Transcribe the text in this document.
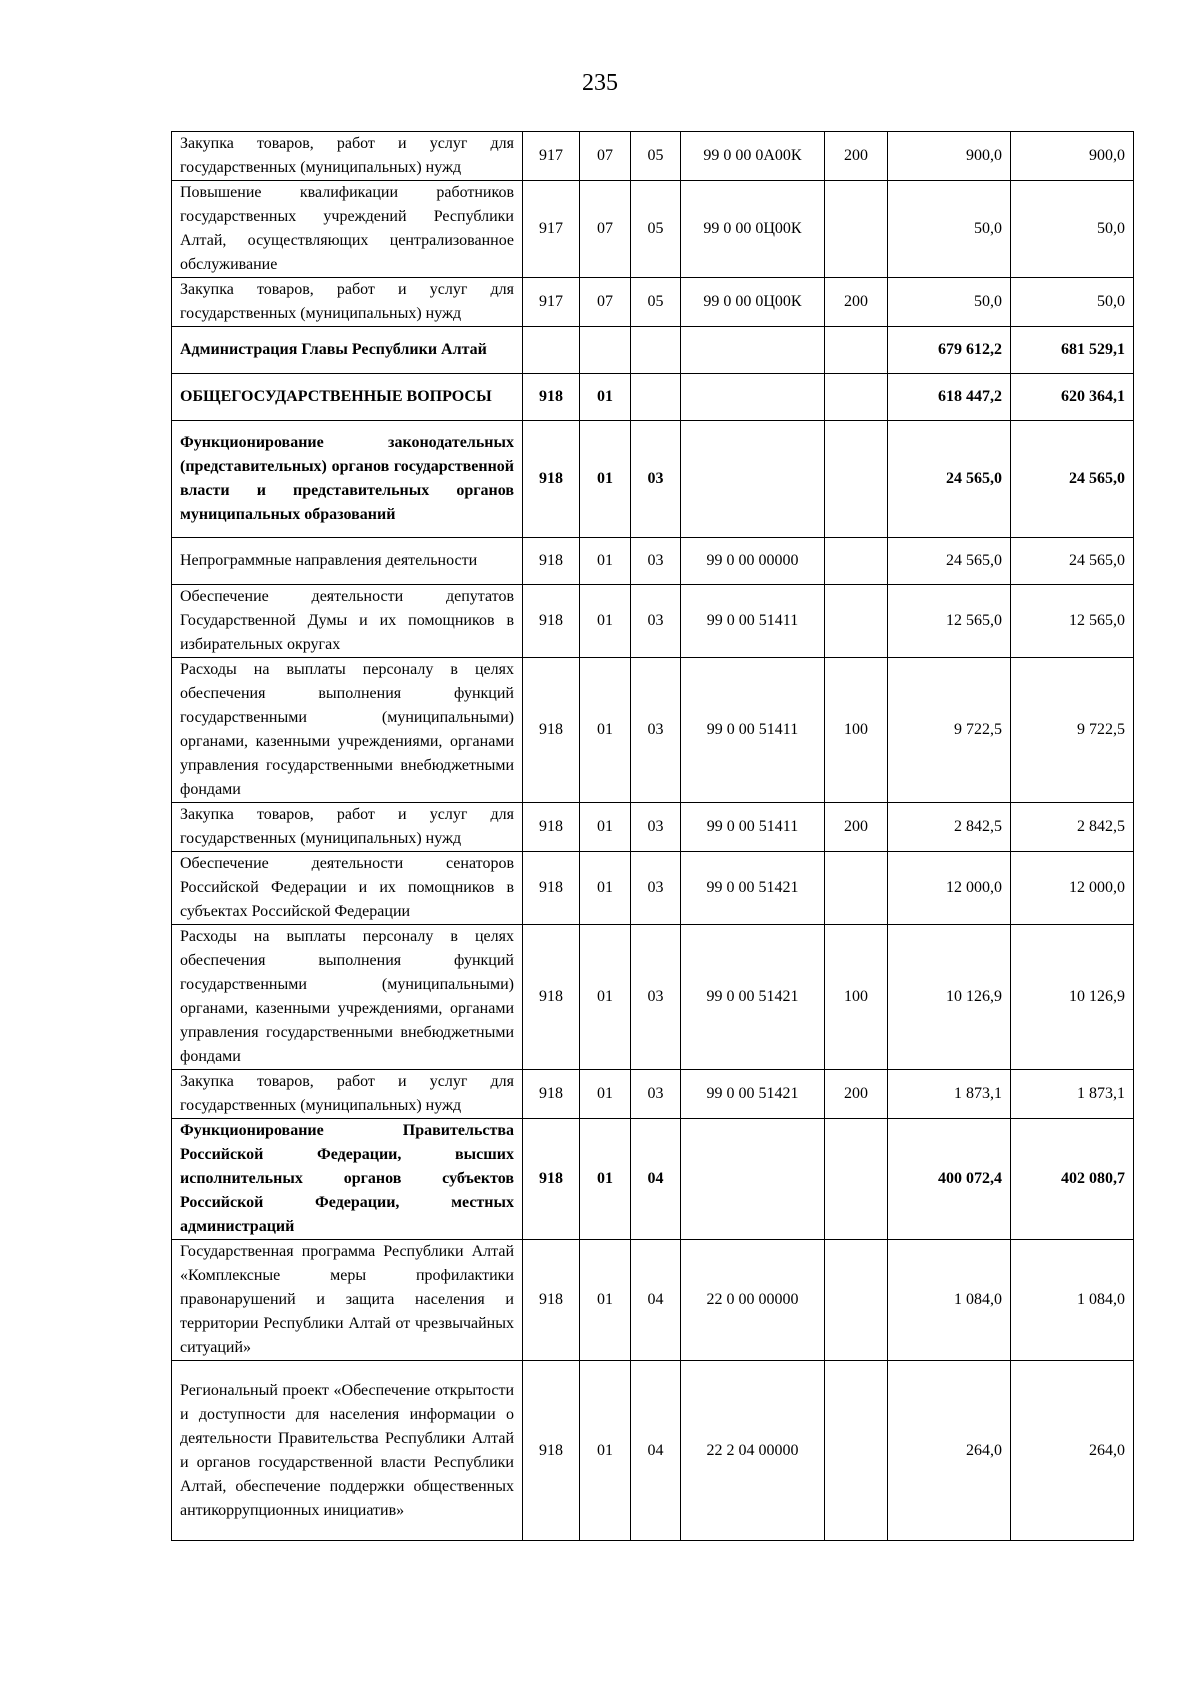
235
Закупка товаров, работ и услуг для государственных (муниципальных) нужд	917	07	05	99 0 00 0А00К	200	900,0	900,0
Повышение квалификации работников государственных учреждений Республики Алтай, осуществляющих централизованное обслуживание	917	07	05	99 0 00 0Ц00К		50,0	50,0
Закупка товаров, работ и услуг для государственных (муниципальных) нужд	917	07	05	99 0 00 0Ц00К	200	50,0	50,0
Администрация Главы Республики Алтай						679 612,2	681 529,1
ОБЩЕГОСУДАРСТВЕННЫЕ ВОПРОСЫ	918	01				618 447,2	620 364,1
Функционирование законодательных (представительных) органов государственной власти и представительных органов муниципальных образований	918	01	03			24 565,0	24 565,0
Непрограммные направления деятельности	918	01	03	99 0 00 00000		24 565,0	24 565,0
Обеспечение деятельности депутатов Государственной Думы и их помощников в избирательных округах	918	01	03	99 0 00 51411		12 565,0	12 565,0
Расходы на выплаты персоналу в целях обеспечения выполнения функций государственными (муниципальными) органами, казенными учреждениями, органами управления государственными внебюджетными фондами	918	01	03	99 0 00 51411	100	9 722,5	9 722,5
Закупка товаров, работ и услуг для государственных (муниципальных) нужд	918	01	03	99 0 00 51411	200	2 842,5	2 842,5
Обеспечение деятельности сенаторов Российской Федерации и их помощников в субъектах Российской Федерации	918	01	03	99 0 00 51421		12 000,0	12 000,0
Расходы на выплаты персоналу в целях обеспечения выполнения функций государственными (муниципальными) органами, казенными учреждениями, органами управления государственными внебюджетными фондами	918	01	03	99 0 00 51421	100	10 126,9	10 126,9
Закупка товаров, работ и услуг для государственных (муниципальных) нужд	918	01	03	99 0 00 51421	200	1 873,1	1 873,1
Функционирование Правительства Российской Федерации, высших исполнительных органов субъектов Российской Федерации, местных администраций	918	01	04			400 072,4	402 080,7
Государственная программа Республики Алтай «Комплексные меры профилактики правонарушений и защита населения и территории Республики Алтай от чрезвычайных ситуаций»	918	01	04	22 0 00 00000		1 084,0	1 084,0
Региональный проект «Обеспечение открытости и доступности для населения информации о деятельности Правительства Республики Алтай и органов государственной власти Республики Алтай, обеспечение поддержки общественных антикоррупционных инициатив»	918	01	04	22 2 04 00000		264,0	264,0
